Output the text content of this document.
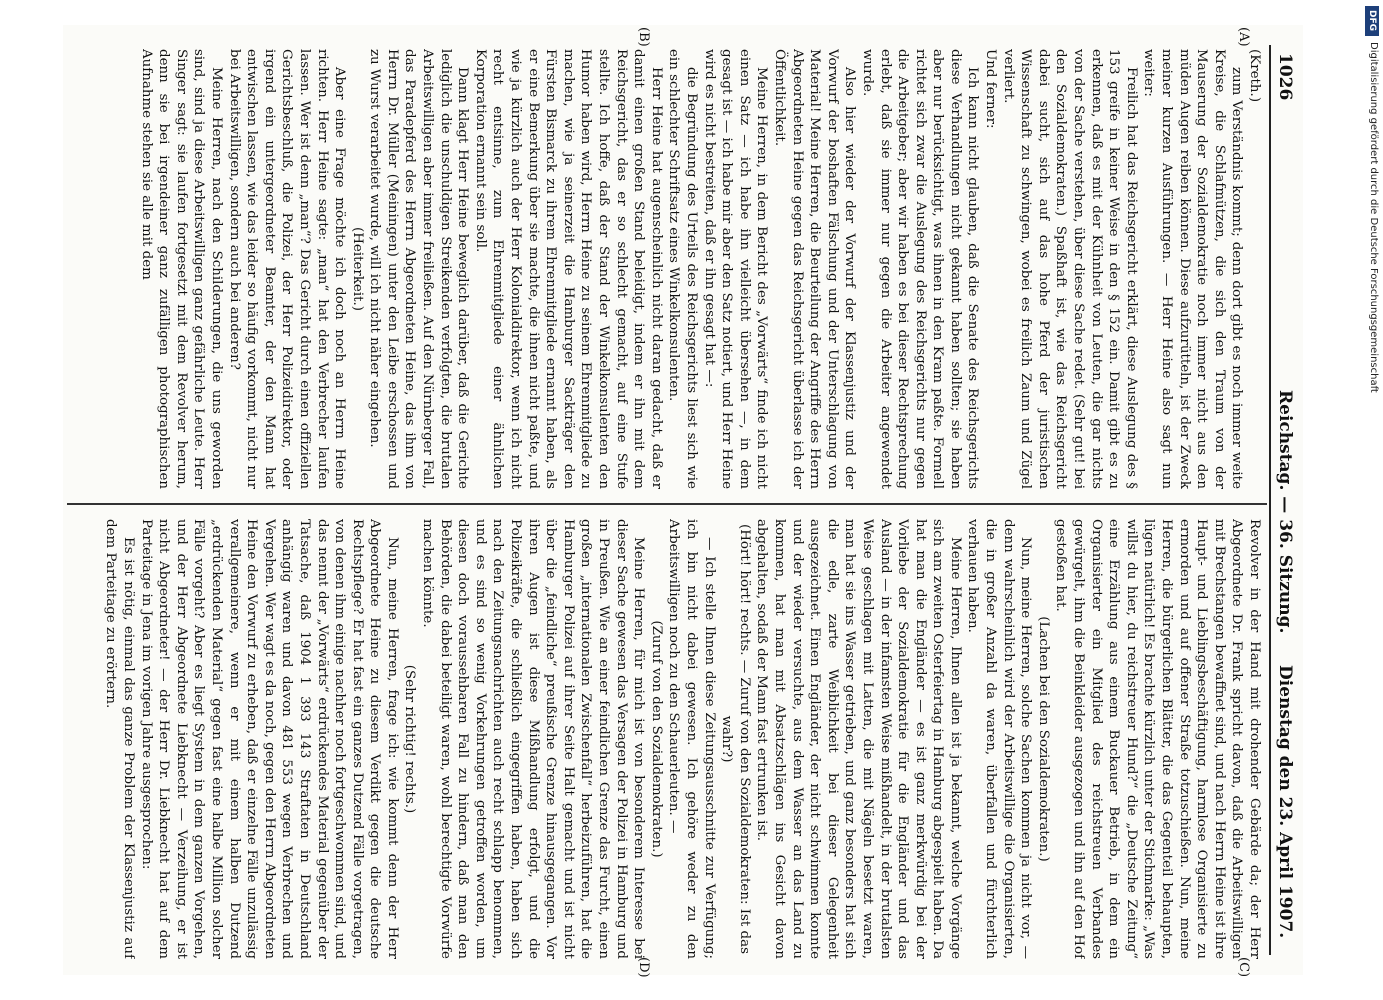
1026
Reichstag. — 36. Sitzung.
Dienstag den 23. April 1907.
(A)
(B)
(C)
(D)

(Kreth.)

zum Verständnis kommt; denn dort gibt es noch immer weite Kreise, die Schlafmützen, die sich den Traum von der Mauserung der Sozialdemokratie noch immer nicht aus den müden Augen reiben können. Diese aufzurütteln, ist der Zweck meiner kurzen Ausführungen. — Herr Heine also sagt nun weiter:

Freilich hat das Reichsgericht erklärt, diese Auslegung des § 153 greife in keiner Weise in den § 152 ein. Damit gibt es zu erkennen, daß es mit der Kühnheit von Leuten, die gar nichts von der Sache verstehen, über diese Sache redet. (Sehr gut! bei den Sozialdemokraten.) Spaßhaft ist, wie das Reichsgericht dabei sucht, sich auf das hohe Pferd der juristischen Wissenschaft zu schwingen, wobei es freilich Zaum und Zügel verliert.

Und ferner:

Ich kann nicht glauben, daß die Senate des Reichsgerichts diese Verhandlungen nicht gekannt haben sollten; sie haben aber nur berücksichtigt, was ihnen in den Kram paßte. Formell richtet sich zwar die Auslegung des Reichsgerichts nur gegen die Arbeitgeber; aber wir haben es bei dieser Rechtsprechung erlebt, daß sie immer nur gegen die Arbeiter angewendet wurde.

Also hier wieder der Vorwurf der Klassenjustiz und der Vorwurf der boshaften Fälschung und der Unterschlagung von Material! Meine Herren, die Beurteilung der Angriffe des Herrn Abgeordneten Heine gegen das Reichsgericht überlasse ich der Öffentlichkeit.

Meine Herren, in dem Bericht des „Vorwärts“ finde ich nicht einen Satz — ich habe ihn vielleicht übersehen —, in dem gesagt ist — ich habe mir aber den Satz notiert, und Herr Heine wird es nicht bestreiten, daß er ihn gesagt hat —:

die Begründung des Urteils des Reichsgerichts liest sich wie ein schlechter Schriftsatz eines Winkelkonsulenten.

Herr Heine hat augenscheinlich nicht daran gedacht, daß er damit einen großen Stand beleidigt, indem er ihn mit dem Reichsgericht, das er so schlecht gemacht, auf eine Stufe stellte. Ich hoffe, daß der Stand der Winkelkonsulenten den Humor haben wird, Herrn Heine zu seinem Ehrenmitgliede zu machen, wie ja seinerzeit die Hamburger Sackträger den Fürsten Bismarck zu ihrem Ehrenmitgliede ernannt haben, als er eine Bemerkung über sie machte, die ihnen nicht paßte, und wie ja kürzlich auch der Herr Kolonialdirektor, wenn ich nicht recht entsinne, zum Ehrenmitgliede einer ähnlichen Korporation ernannt sein soll.

Dann klagt Herr Heine beweglich darüber, daß die Gerichte lediglich die unschuldigen Streikenden verfolgten, die brutalen Arbeitswilligen aber immer freiließen. Auf den Nürnberger Fall, das Paradepferd des Herrn Abgeordneten Heine, das ihm von Herrn Dr. Müller (Meiningen) unter den Leibe erschossen und zu Wurst verarbeitet wurde, will ich nicht näher eingehen.

(Heiterkeit.)

Aber eine Frage möchte ich doch noch an Herrn Heine richten. Herr Heine sagte: „man“ hat den Verbrecher laufen lassen. Wer ist denn „man“? Das Gericht durch einen offiziellen Gerichtsbeschluß, die Polizei, der Herr Polizeidirektor, oder irgend ein untergeordneter Beamter, der den Mann hat entwischen lassen, wie das leider so häufig vorkommt, nicht nur bei Arbeitswilligen, sondern auch bei anderen?

Meine Herren, nach den Schilderungen, die uns geworden sind, sind ja diese Arbeitswilligen ganz gefährliche Leute. Herr Singer sagt: sie laufen fortgesetzt mit dem Revolver herum, denn sie bei irgendeiner ganz zufälligen photographischen Aufnahme stehen sie alle mit dem

Revolver in der Hand mit drohender Gebärde da; der Herr Abgeordnete Dr. Frank spricht davon, daß die Arbeitswilligen mit Brechstangen bewaffnet sind, und nach Herrn Heine ist ihre Haupt- und Lieblingsbeschäftigung, harmlose Organisierte zu ermorden und auf offener Straße totzuschießen. Nun, meine Herren, die bürgerlichen Blätter, die das Gegenteil behaupten, lügen natürlich! Es brachte kürzlich unter der Stichmarke: „Was willst du hier, du reichstreuer Hund?“ die „Deutsche Zeitung“ eine Erzählung aus einem Buckauer Betrieb, in dem ein Organisierter ein Mitglied des reichstreuen Verbandes gewürgelt, ihm die Beinkleider ausgezogen und ihn auf den Hof gestoßen hat.

(Lachen bei den Sozialdemokraten.)

Nun, meine Herren, solche Sachen kommen ja nicht vor, — denn wahrscheinlich wird der Arbeitswillige die Organisierten, die in großer Anzahl da waren, überfallen und fürchterlich verhauen haben.

Meine Herren, Ihnen allen ist ja bekannt, welche Vorgänge sich am zweiten Osterfeiertag in Hamburg abgespielt haben. Da hat man die Engländer — es ist ganz merkwürdig bei der Vorliebe der Sozialdemokratie für die Engländer und das Ausland — in der infamsten Weise mißhandelt, in der brutalsten Weise geschlagen mit Latten, die mit Nägeln besetzt waren, man hat sie ins Wasser getrieben, und ganz besonders hat sich die edle, zarte Weiblichkeit bei dieser Gelegenheit ausgezeichnet. Einen Engländer, der nicht schwimmen konnte und der wieder versuchte, aus dem Wasser an das Land zu kommen, hat man mit Absatzschlägen ins Gesicht davon abgehalten, sodaß der Mann fast ertrunken ist.

(Hört! hört! rechts. — Zuruf von den Sozialdemokraten: Ist das wahr?)

— Ich stelle Ihnen diese Zeitungsausschnitte zur Verfügung; ich bin nicht dabei gewesen. Ich gehöre weder zu den Arbeitswilligen noch zu den Schauerleuten. —

(Zuruf von den Sozialdemokraten.)

Meine Herren, für mich ist von besonderem Interesse bei dieser Sache gewesen das Versagen der Polizei in Hamburg und in Preußen. Wie an einer feindlichen Grenze das Furcht, einen großen „internationalen Zwischenfall“ herbeizuführen, hat die Hamburger Polizei auf ihrer Seite Halt gemacht und ist nicht über die „feindliche“ preußische Grenze hinausgegangen. Vor ihren Augen ist diese Mißhandlung erfolgt, und die Polizeikräfte, die schließlich eingegriffen haben, haben sich nach den Zeitungsnachrichten auch recht schlapp benommen, und es sind so wenig Vorkehrungen getroffen worden, um diesen doch voraussehbaren Fall zu hindern, daß man den Behörden, die dabei beteiligt waren, wohl berechtigte Vorwürfe machen könnte.

(Sehr richtig! rechts.)

Nun, meine Herren, frage ich: wie kommt denn der Herr Abgeordnete Heine zu diesem Verdikt gegen die deutsche Rechtspflege? Er hat fast ein ganzes Dutzend Fälle vorgetragen, von denen ihm einige nachher noch fortgeschwommen sind, und das nennt der „Vorwärts“ erdrückendes Material gegenüber der Tatsache, daß 1904 1 393 143 Straftaten in Deutschland anhängig waren und davon 481 553 wegen Verbrechen und Vergehen. Wer wagt es da noch, gegen den Herrn Abgeordneten Heine den Vorwurf zu erheben, daß er einzelne Fälle unzulässig verallgemeinere, wenn er mit einem halben Dutzend „erdrückenden Material“ gegen fast eine halbe Million solcher Fälle vorgeht? Aber es liegt System in dem ganzen Vorgehen, und der Herr Abgeordnete Liebknecht — Verzeihung, er ist nicht Abgeordneter! — der Herr Dr. Liebknecht hat auf dem Parteitage in Jena im vorigen Jahre ausgesprochen:

Es ist nötig, einmal das ganze Problem der Klassenjustiz auf dem Parteitage zu erörtern.

DFG
Digitalisierung gefördert durch die Deutsche Forschungsgemeinschaft
